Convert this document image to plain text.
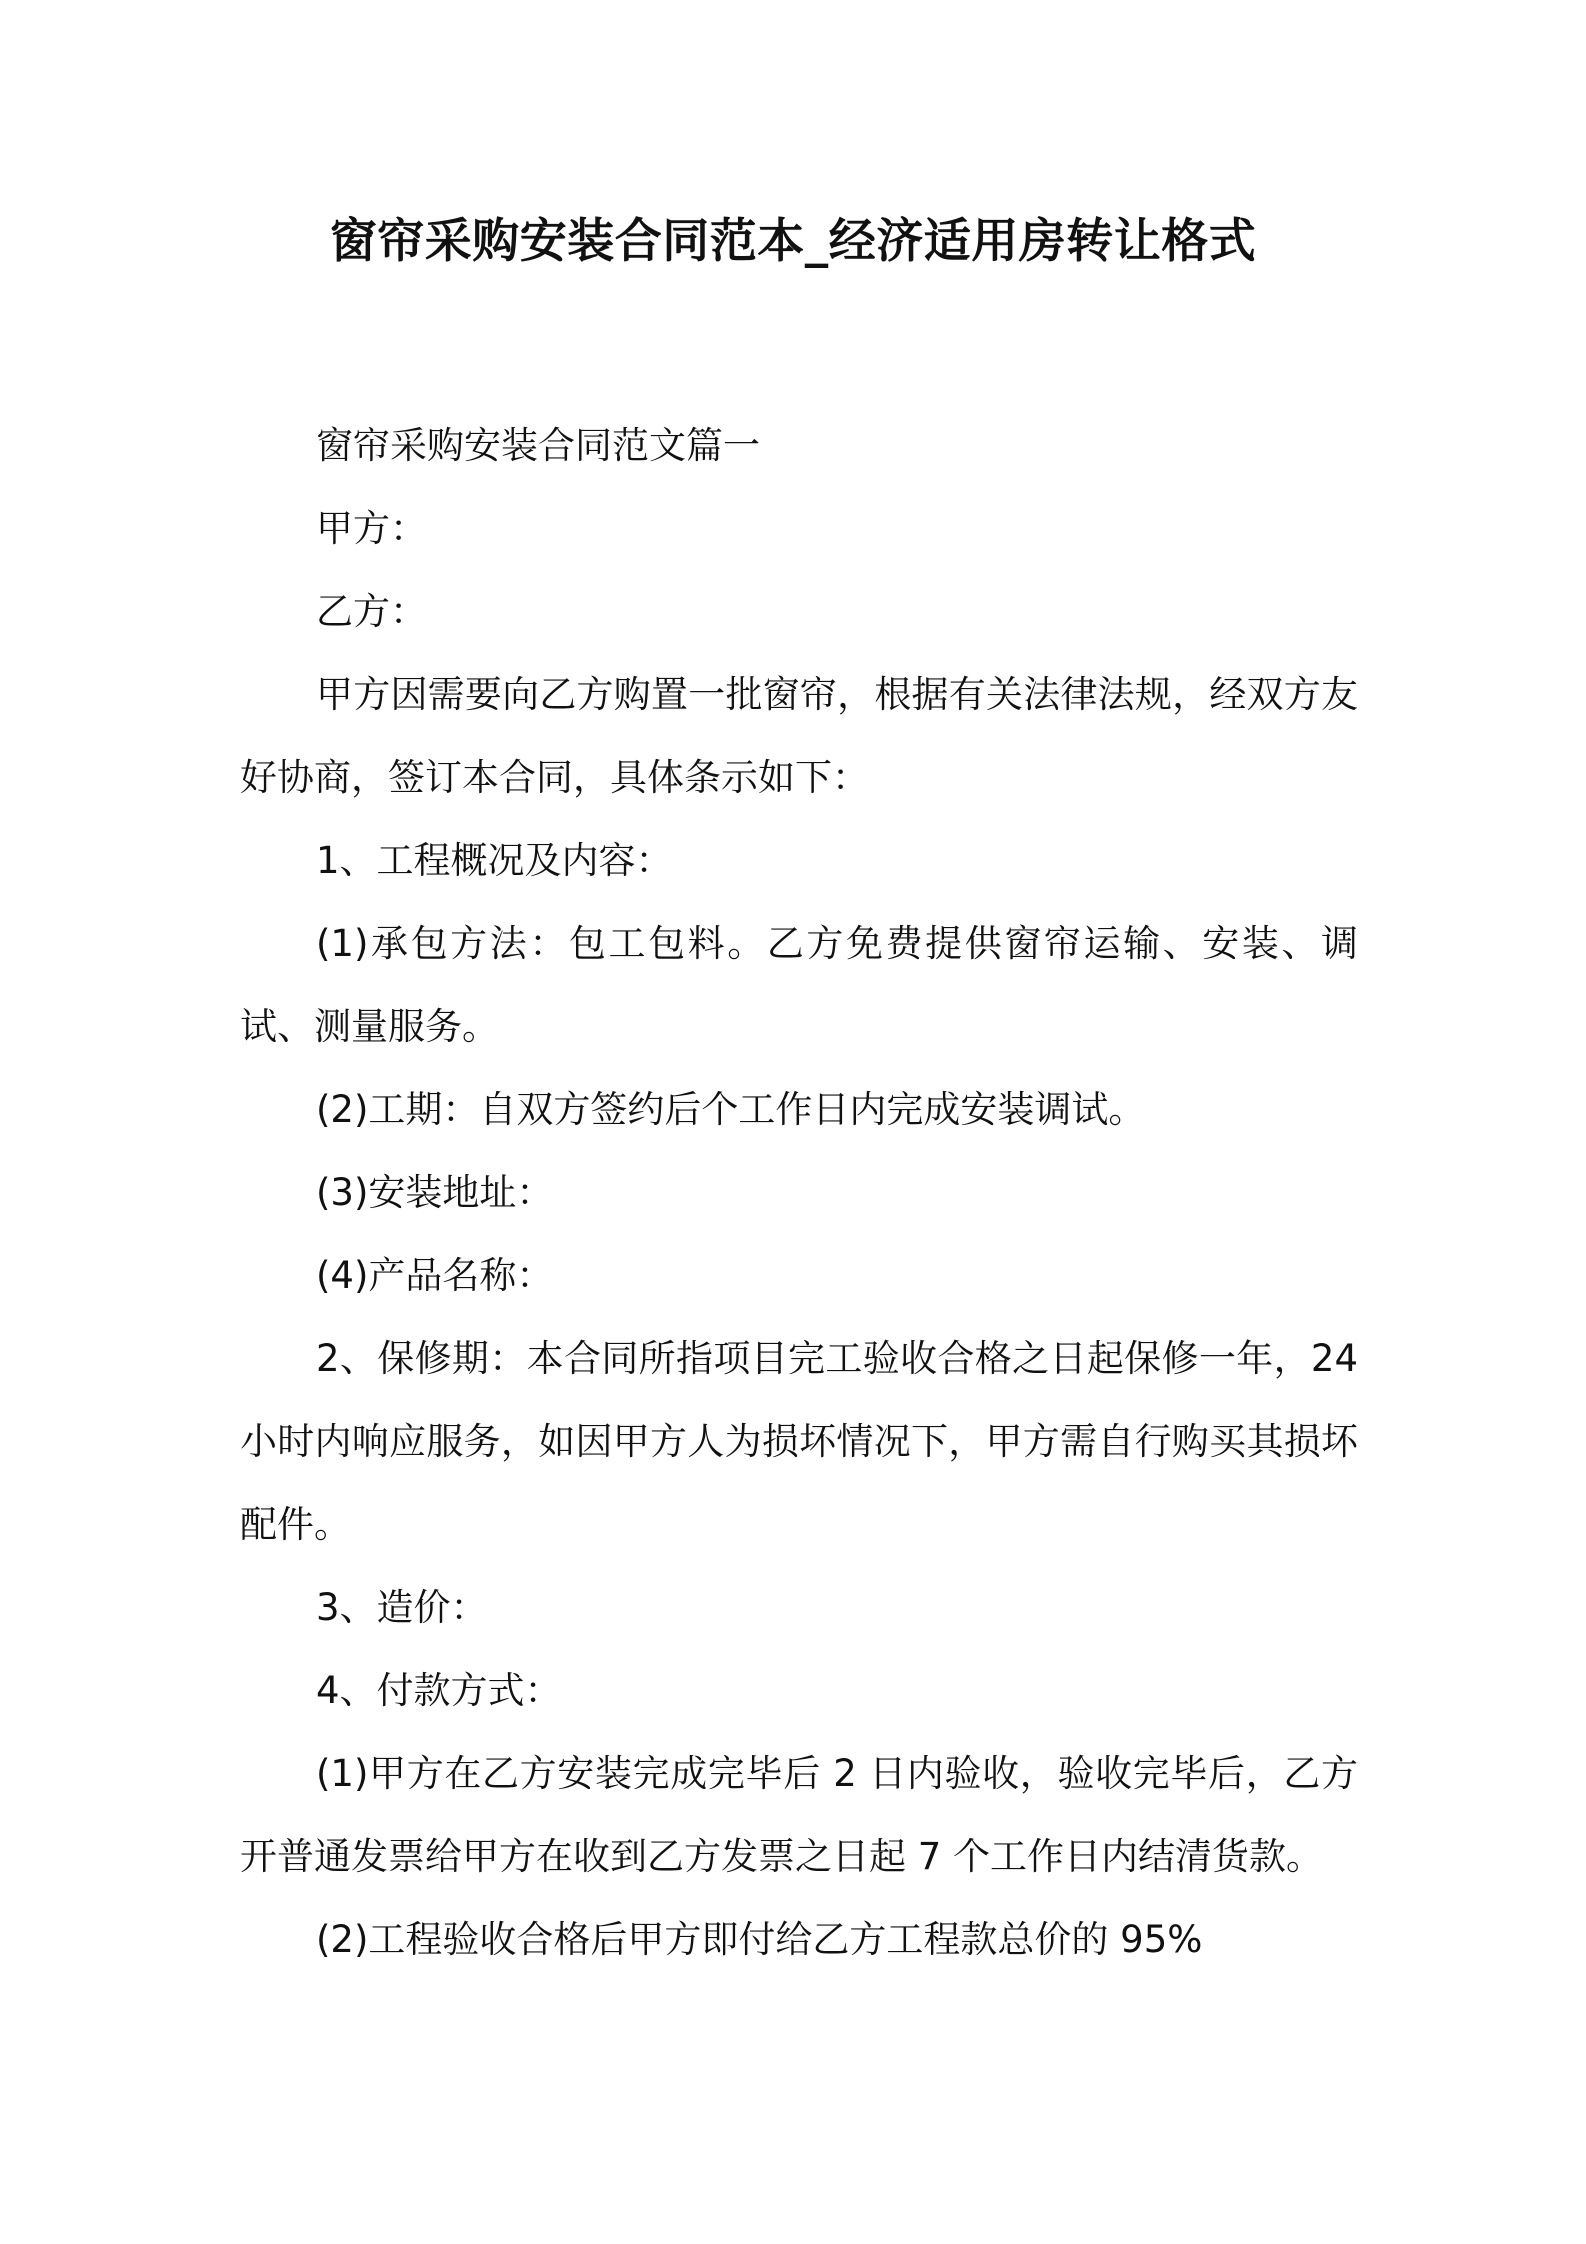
窗帘采购安装合同范本_经济适用房转让格式

窗帘采购安装合同范文篇一

甲方：

乙方：

甲方因需要向乙方购置一批窗帘，根据有关法律法规，经双方友好协商，签订本合同，具体条示如下：

1、工程概况及内容：

(1)承包方法：包工包料。乙方免费提供窗帘运输、安装、调试、测量服务。

(2)工期：自双方签约后个工作日内完成安装调试。

(3)安装地址：

(4)产品名称：

2、保修期：本合同所指项目完工验收合格之日起保修一年，24小时内响应服务，如因甲方人为损坏情况下，甲方需自行购买其损坏配件。

3、造价：

4、付款方式：

(1)甲方在乙方安装完成完毕后 2 日内验收，验收完毕后，乙方开普通发票给甲方在收到乙方发票之日起 7 个工作日内结清货款。

(2)工程验收合格后甲方即付给乙方工程款总价的 95%
